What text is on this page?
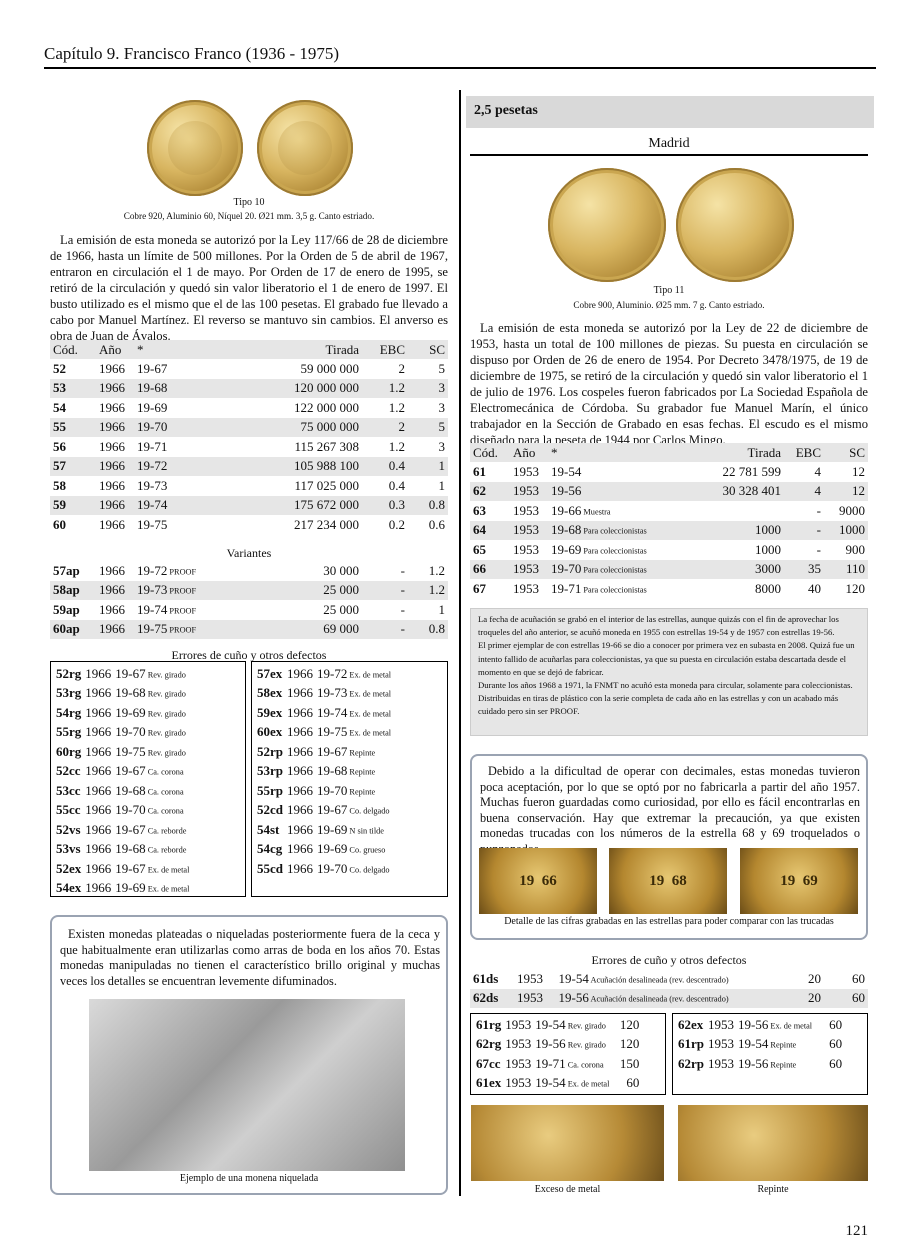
Capítulo 9. Francisco Franco (1936 - 1975)
Tipo 10
Cobre 920, Aluminio 60, Níquel 20. Ø21 mm. 3,5 g. Canto estriado.
La emisión de esta moneda se autorizó por la Ley 117/66 de 28 de diciembre de 1966, hasta un límite de 500 millones. Por la Orden de 5 de abril de 1967, entraron en circulación el 1 de mayo. Por Orden de 17 de enero de 1995, se retiró de la circulación y quedó sin valor liberatorio el 1 de enero de 1997. El busto utilizado es el mismo que el de las 100 pesetas. El grabado fue llevado a cabo por Manuel Martínez. El reverso se mantuvo sin cambios. El anverso es obra de Juan de Ávalos.
Cód.	Año	*	Tirada	EBC	SC
52	1966	19-67	59 000 000	2	5
53	1966	19-68	120 000 000	1.2	3
54	1966	19-69	122 000 000	1.2	3
55	1966	19-70	75 000 000	2	5
56	1966	19-71	115 267 308	1.2	3
57	1966	19-72	105 988 100	0.4	1
58	1966	19-73	117 025 000	0.4	1
59	1966	19-74	175 672 000	0.3	0.8
60	1966	19-75	217 234 000	0.2	0.6
Variantes
57ap	1966	19-72 PROOF	30 000	-	1.2
58ap	1966	19-73 PROOF	25 000	-	1.2
59ap	1966	19-74 PROOF	25 000	-	1
60ap	1966	19-75 PROOF	69 000	-	0.8
Errores de cuño y otros defectos
52rg	1966	19-67 Rev. girado
53rg	1966	19-68 Rev. girado
54rg	1966	19-69 Rev. girado
55rg	1966	19-70 Rev. girado
60rg	1966	19-75 Rev. girado
52cc	1966	19-67 Ca. corona
53cc	1966	19-68 Ca. corona
55cc	1966	19-70 Ca. corona
52vs	1966	19-67 Ca. reborde
53vs	1966	19-68 Ca. reborde
52ex	1966	19-67 Ex. de metal
54ex	1966	19-69 Ex. de metal
57ex	1966	19-72 Ex. de metal
58ex	1966	19-73 Ex. de metal
59ex	1966	19-74 Ex. de metal
60ex	1966	19-75 Ex. de metal
52rp	1966	19-67 Repinte
53rp	1966	19-68 Repinte
55rp	1966	19-70 Repinte
52cd	1966	19-67 Co. delgado
54st	1966	19-69 N sin tilde
54cg	1966	19-69 Co. grueso
55cd	1966	19-70 Co. delgado
Existen monedas plateadas o niqueladas posteriormente fuera de la ceca y que habitualmente eran utilizarlas como arras de boda en los años 70. Estas monedas manipuladas no tienen el característico brillo original y muchas veces los detalles se encuentran levemente difuminados.
Ejemplo de una monena niquelada
2,5 pesetas
Madrid
Tipo 11
Cobre 900, Aluminio. Ø25 mm. 7 g. Canto estriado.
La emisión de esta moneda se autorizó por la Ley de 22 de diciembre de 1953, hasta un total de 100 millones de piezas. Su puesta en circulación se dispuso por Orden de 26 de enero de 1954. Por Decreto 3478/1975, de 19 de diciembre de 1975, se retiró de la circulación y quedó sin valor liberatorio el 1 de julio de 1976. Los cospeles fueron fabricados por La Sociedad Española de Electromecánica de Córdoba. Su grabador fue Manuel Marín, el único trabajador en la Sección de Grabado en esas fechas. El escudo es el mismo diseñado para la peseta de 1944 por Carlos Mingo.
Cód.	Año	*	Tirada	EBC	SC
61	1953	19-54	22 781 599	4	12
62	1953	19-56	30 328 401	4	12
63	1953	19-66 Muestra		-	9000
64	1953	19-68 Para coleccionistas	1000	-	1000
65	1953	19-69 Para coleccionistas	1000	-	900
66	1953	19-70 Para coleccionistas	3000	35	110
67	1953	19-71 Para coleccionistas	8000	40	120
La fecha de acuñación se grabó en el interior de las estrellas, aunque quizás con el fin de aprovechar los troqueles del año anterior, se acuñó moneda en 1955 con estrellas 19-54 y de 1957 con estrellas 19-56.
El primer ejemplar de con estrellas 19-66 se dio a conocer por primera vez en subasta en 2008. Quizá fue un intento fallido de acuñarlas para coleccionistas, ya que su puesta en circulación estaba descartada desde el momento en que se dejó de fabricar.
Durante los años 1968 a 1971, la FNMT no acuñó esta moneda para circular, solamente para coleccionistas. Distribuidas en tiras de plástico con la serie completa de cada año en las estrellas y con un acabado más cuidado pero sin ser PROOF.
Debido a la dificultad de operar con decimales, estas monedas tuvieron poca aceptación, por lo que se optó por no fabricarla a partir del año 1957. Muchas fueron guardadas como curiosidad, por ello es fácil encontrarlas en buena conservación. Hay que extremar la precaución, ya que existen monedas trucadas con los números de la estrella 68 y 69 troquelados o
19
66	19
68	19
69
Detalle de las cifras grabadas en las estrellas para poder comparar con las trucadas
Errores de cuño y otros defectos
61ds	1953	19-54 Acuñación desalineada (rev. descentrado)	20	60
62ds	1953	19-56 Acuñación desalineada (rev. descentrado)	20	60
61rg	1953	19-54 Rev. girado	120
62rg	1953	19-56 Rev. girado	120
67cc	1953	19-71 Ca. corona	150
61ex	1953	19-54 Ex. de metal	60
62ex	1953	19-56 Ex. de metal	60
61rp	1953	19-54 Repinte	60
62rp	1953	19-56 Repinte	60
Exceso de metal	Repinte
121
